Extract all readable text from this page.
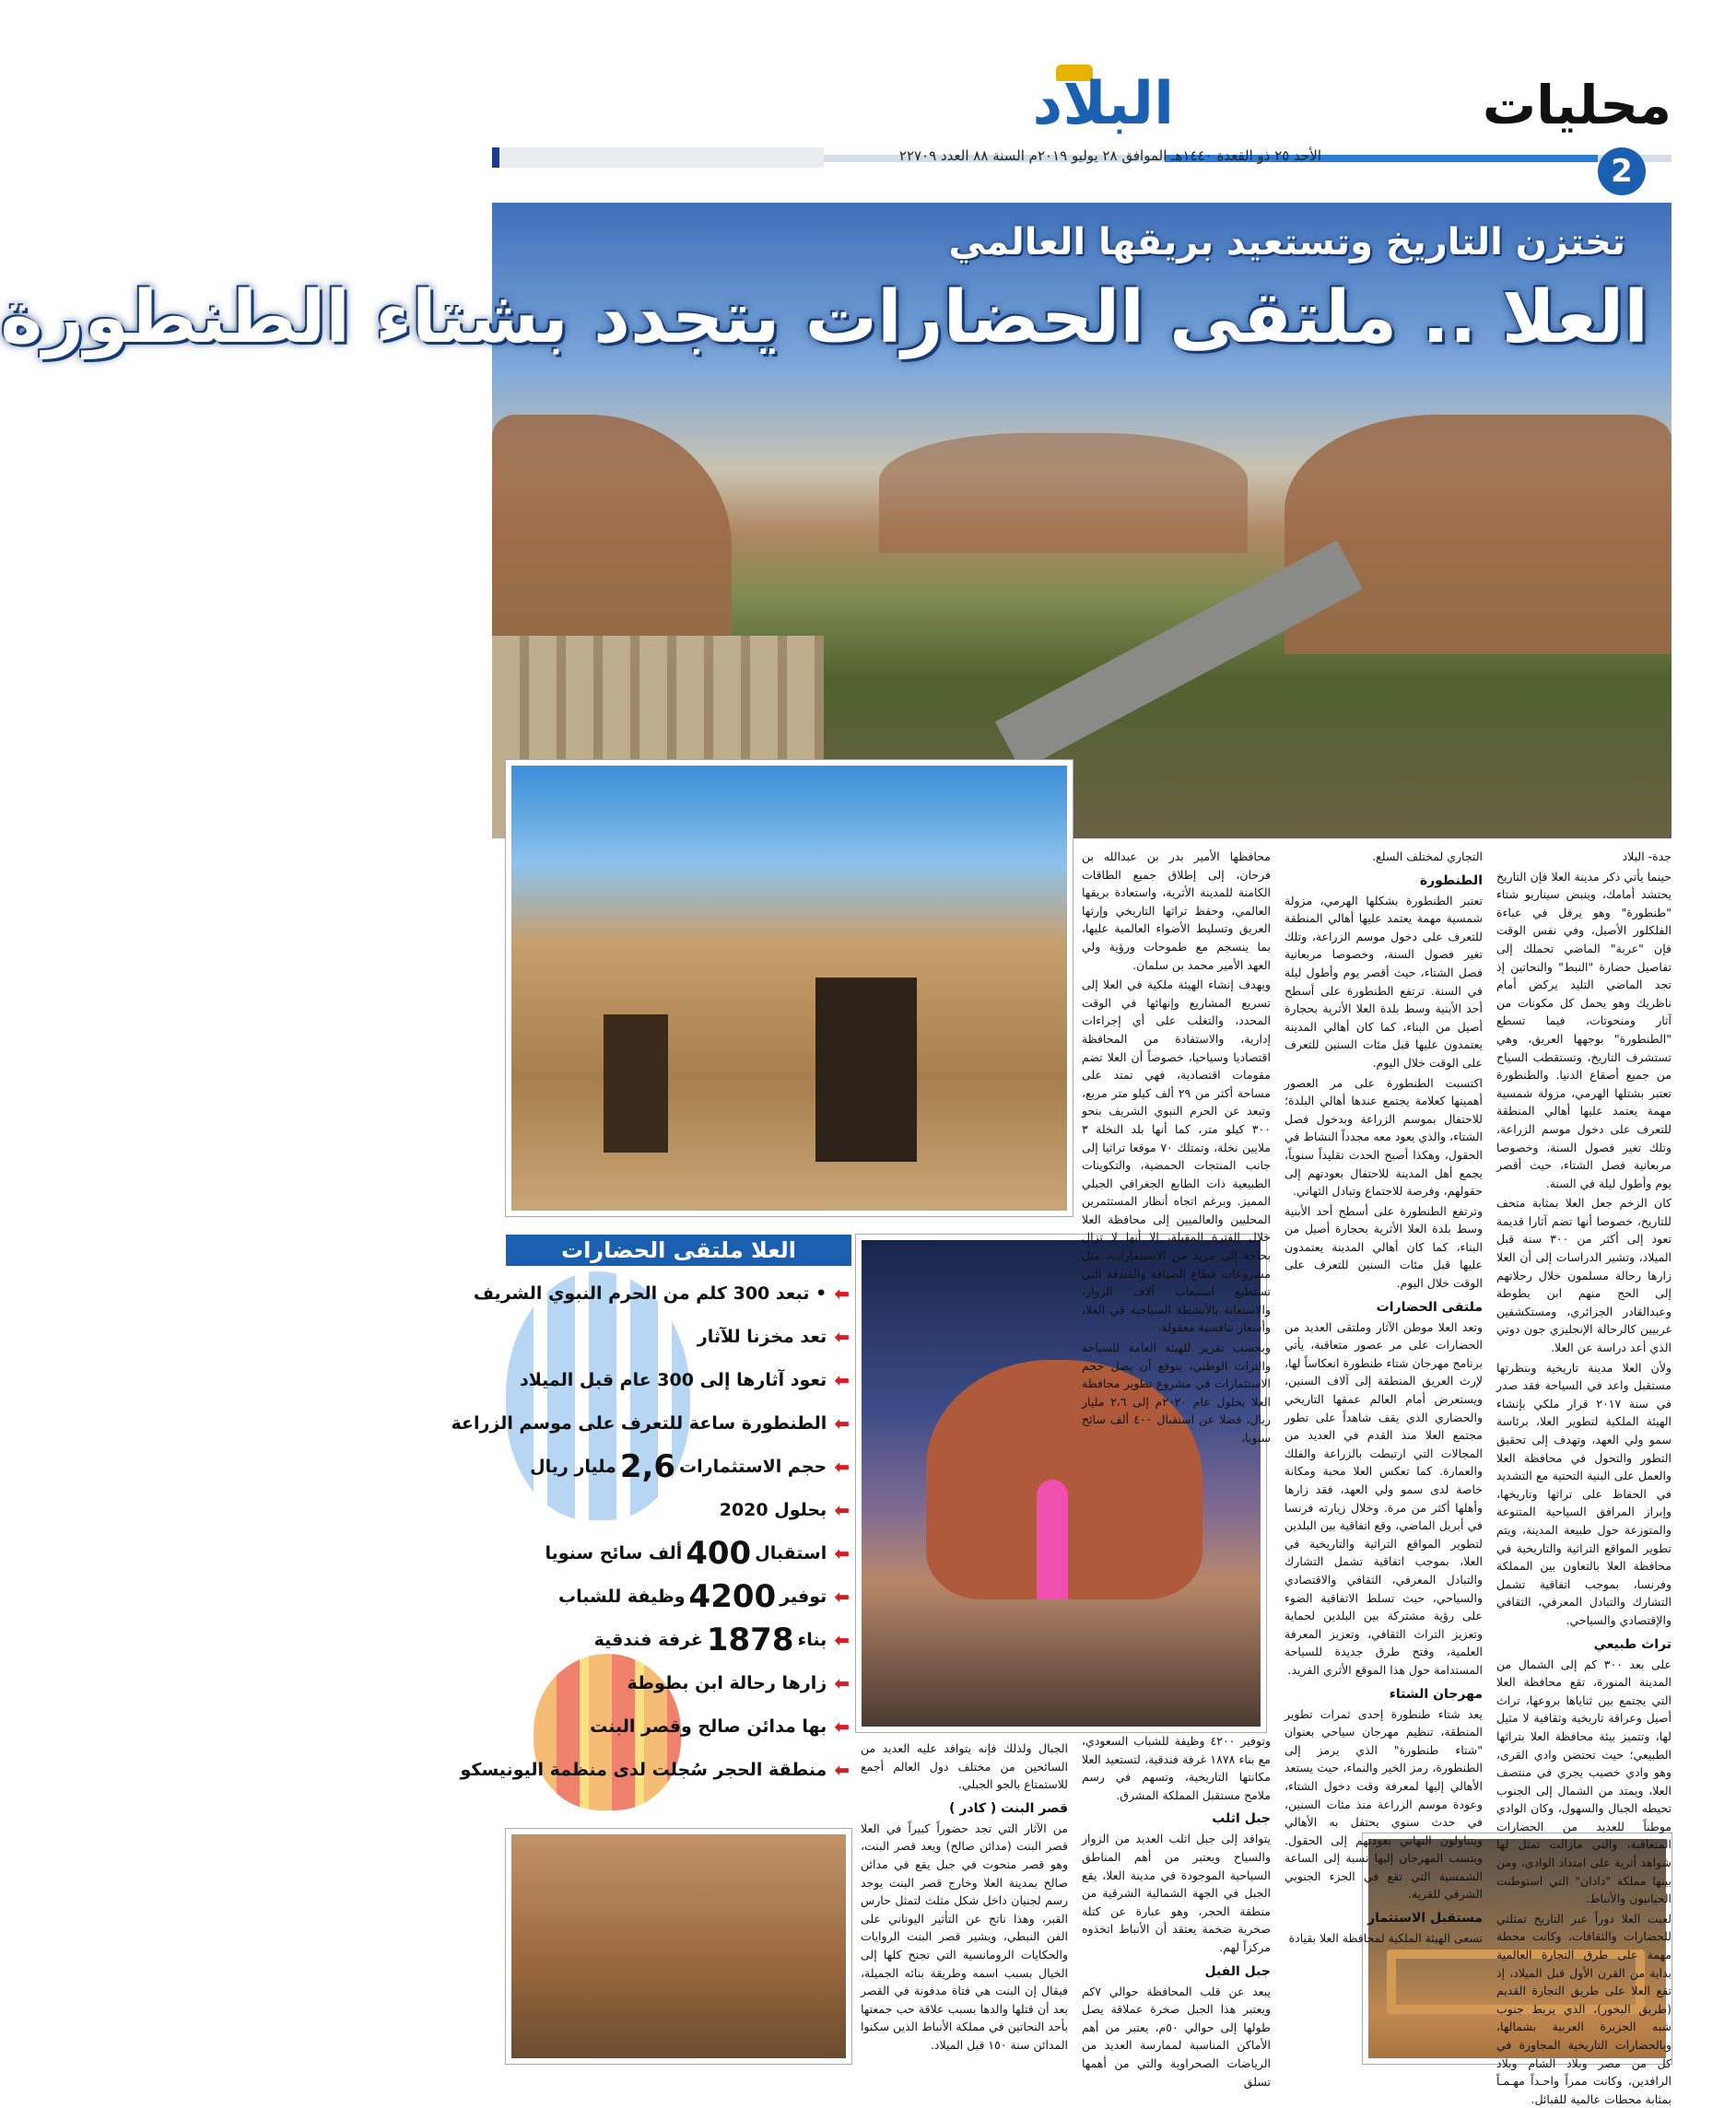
الأحد ٢٥ ذو القعدة ١٤٤٠هـ الموافق ٢٨ يوليو ٢٠١٩م السنة ٨٨ العدد ٢٢٧٠٩
البلاد	محليات
2
تختزن التاريخ وتستعيد بريقها العالمي
العلا .. ملتقى الحضارات يتجدد بشتاء الطنطورة
العلا ملتقى الحضارات
⬅
• تبعد 300 كلم من الحرم النبوي الشريف
⬅
تعد مخزنا للآثار
⬅
تعود آثارها إلى 300 عام قبل الميلاد
⬅
الطنطورة ساعة للتعرف على موسم الزراعة
⬅
حجم الاستثمارات
2,6
مليار ريال
⬅
بحلول 2020
⬅
استقبال
400
ألف سائح سنويا
⬅
توفير
4200
وظيفة للشباب
⬅
بناء
1878
غرفة فندقية
⬅
زارها رحالة ابن بطوطة
⬅
بها مدائن صالح وقصر البنت
⬅
منطقة الحجر سُجلت لدى منظمة اليونيسكو

جدة- البلاد

حينما يأتي ذكر مدينة العلا فإن التاريخ يحتشد أمامك، وينبض سيناريو شتاء "طنطورة" وهو يرفل في عباءة الفلكلور الأصيل، وفي نفس الوقت فإن "عربة" الماضي تحملك إلى تفاصيل حضارة "النبط" والنحاتين إذ تجد الماضي التليد يركض أمام ناظريك وهو يحمل كل مكونات من آثار ومنحوتات، فيما تسطع "الطنطورة" بوجهها العريق، وهي تستشرف التاريخ، وتستقطب السياح من جميع أصقاع الدنيا. والطنطورة تعتبر بشتلها الهرمي، مزولة شمسية مهمة يعتمد عليها أهالي المنطقة للتعرف على دخول موسم الزراعة، وتلك تغير فصول السنة، وخصوصا مربعانية فصل الشتاء، حيث أقصر يوم وأطول ليلة في السنة.

كان الزخم جعل العلا بمثابة متحف للتاريخ، خصوصا أنها تضم آثارا قديمة تعود إلى أكثر من ٣٠٠ سنة قبل الميلاد، وتشير الدراسات إلى أن العلا زارها رحالة مسلمون خلال رحلاتهم إلى الحج منهم ابن بطوطة وعبدالقادر الجزائري، ومستكشفين غربيين كالرحالة الإنجليزي جون دوتي الذي أعد دراسة عن العلا.

ولأن العلا مدينة تاريخية وبنظرتها مستقبل واعد في السياحة فقد صدر في سنة ٢٠١٧ قرار ملكي بإنشاء الهيئة الملكية لتطوير العلا، برئاسة سمو ولي العهد، وتهدف إلى تحقيق التطور والتحول في محافظة العلا والعمل على البنية التحتية مع التشديد في الحفاظ على تراثها وتاريخها، وإبراز المرافق السياحية المتنوعة والمتوزعة حول طبيعة المدينة، ويتم تطوير المواقع التراثية والتاريخية في محافظة العلا بالتعاون بين المملكة وفرنسا، بموجب اتفاقية تشمل التشارك والتبادل المعرفي، الثقافي والإقتصادي والسياحي.

تراث طبيعي

على بعد ٣٠٠ كم إلى الشمال من المدينة المنورة، تقع محافظة العلا التي يجتمع بين ثناياها بروعها، تراث أصيل وعراقة تاريخية وثقافية لا مثيل لها، وتتميز بيئة محافظة العلا بتراثها الطبيعي؛ حيث تحتضن وادي القرى، وهو وادي خصيب يجري في منتصف العلا، ويمتد من الشمال إلى الجنوب تحيطه الجبال والسهول، وكان الوادي موطناً للعديد من الحضارات المتعاقبة، والتي مازالت تمثل لها شواهد أثرية على امتداد الوادي، ومن بينها مملكة "دادان" التي استوطنت الحيانيون والأنباط.

لعبت العلا دوراً عبر التاريخ تمثلتي للحضارات والثقافات، وكانت محطة مهمة على طرق التجارة العالمية بداية من القرن الأول قبل الميلاد، إذ تقع العلا على طريق التجارة القديم (طريق البخور)، الذي يربط جنوب شبه الجزيرة العربية بشمالها، وبالحضارات التاريخية المجاورة في كل من مصر وبلاد الشام وبلاد الرافدين، وكانت ممراً واحـداً مهـمـاً بمثابة محطات عالمية للقبائل.

التجاري لمختلف السلع.

الطنطورة

تعتبر الطنطورة بشكلها الهرمي، مزولة شمسية مهمة يعتمد عليها أهالي المنطقة للتعرف على دخول موسم الزراعة، وتلك تغير فصول السنة، وخصوصا مربعانية فصل الشتاء، حيث أقصر يوم وأطول ليلة في السنة. ترتفع الطنطورة على أسطح أحد الأبنية وسط بلدة العلا الأثرية بحجارة أصيل من البناء، كما كان أهالي المدينة يعتمدون عليها قبل مئات السنين للتعرف على الوقت خلال اليوم.

اكتسبت الطنطورة على مر العصور أهميتها كعلامة يجتمع عندها أهالي البلدة؛ للاحتفال بموسم الزراعة وبدخول فصل الشتاء، والذي يعود معه مجدداً النشاط في الحقول، وهكذا أصبح الحدث تقليداً سنوياً، يجمع أهل المدينة للاحتفال بعودتهم إلى حقولهم، وفرصة للاجتماع وتبادل الثهاني.

وترتفع الطنطورة على أسطح أحد الأبنية وسط بلدة العلا الأثرية بحجارة أصيل من البناء، كما كان أهالي المدينة يعتمدون عليها قبل مئات السنين للتعرف على الوقت خلال اليوم.

ملتقى الحضارات

وتعد العلا موطن الآثار وملتقى العديد من الحضارات على مر عصور متعاقبة، يأتي برنامج مهرجان شتاء طنطورة انعكاساً لها، لإرث العريق المنطقة إلى آلاف السنين، ويستعرض أمام العالم عمقها التاريخي والحضاري الذي يقف شاهداً على تطور مجتمع العلا منذ القدم في العديد من المجالات التي ارتبطت بالزراعة والفلك والعمارة. كما تعكس العلا محبة ومكانة خاصة لدى سمو ولي العهد، فقد زارها وأهلها أكثر من مرة. وخلال زيارته فرنسا في أبريل الماضي، وقع اتفاقية بين البلدين لتطوير المواقع التراثية والتاريخية في العلا، بموجب اتفاقية تشمل التشارك والتبادل المعرفي، الثقافي والاقتصادي والسياحي، حيث تسلط الاتفاقية الضوء على رؤية مشتركة بين البلدين لحماية وتعزيز التراث الثقافي، وتعزيز المعرفة العلمية، وفتح طرق جديدة للسياحة المستدامة حول هذا الموقع الأثري الفريد.

مهرجان الشتاء

يعد شتاء طنطورة إحدى ثمرات تطوير المنطقة، تنظيم مهرجان سياحي بعنوان "شتاء طنطورة" الذي يرمز إلى الطنطورة، رمز الخير والنماء، حيث يستعد الأهالي إليها لمعرفة وقت دخول الشتاء، وعودة موسم الزراعة منذ مئات السنين، في حدث سنوي يحتفل به الأهالي ويتناولون التهاني بعودتهم إلى الحقول. ويتسب المهرجان إليها نسبة إلى الساعة الشمسية التي تقع في الجزء الجنوبي الشرقي للقرية.

مستقبل الاستثمار

تسعى الهيئة الملكية لمحافظة العلا بقيادة

محافظها الأمير بدر بن عبدالله بن فرحان، إلى إطلاق جميع الطاقات الكامنة للمدينة الأثرية، واستعادة بريقها العالمي، وحفظ تراثها التاريخي وإرثها العريق وتسليط الأضواء العالمية عليها، بما ينسجم مع طموحات ورؤية ولي العهد الأمير محمد بن سلمان.

ويهدف إنشاء الهيئة ملكية في العلا إلى تسريع المشاريع وإنهائها في الوقت المحدد، والتغلب على أي إجراءات إدارية، والاستفادة من المحافظة اقتصاديا وسياحيا، خصوصاً أن العلا تضم مقومات اقتصادية، فهي تمتد على مساحة أكثر من ٢٩ ألف كيلو متر مربع، وتبعد عن الحرم النبوي الشريف بنحو ٣٠٠ كيلو متر، كما أنها بلد النخلة ٣ ملايين نخلة، وتمتلك ٧٠ موقعا تراثيا إلى جانب المنتجات الحمضية، والتكوينات الطبيعية ذات الطابع الجغرافي الجبلي المميز. وبرغم اتجاه أنظار المستثمرين المحليين والعالميين إلى محافظة العلا خلال الفترة المقبلة، إلا أنها لا تزال بحاجة إلى مزيد من الاستثمارات، مثل مشروعات قطاع الضيافة والفندقة التي تستطيع استيعاب آلاف الزوار، والاستعانة بالأنشطة السياحية في العلا، وأسعار تنافسية معقولة.

وبحسب تقرير للهيئة العامة للسياحة والتراث الوطني، يتوقع أن يصل حجم الاستثمارات في مشروع تطوير محافظة العلا بحلول عام ٢٠٢٠م إلى ٢،٦ مليار ريال، فضلا عن استقبال ٤٠٠ ألف سائح سنويا،

وتوفير ٤٢٠٠ وظيفة للشباب السعودي، مع بناء ١٨٧٨ غرفة فندقية، لتستعيد العلا مكانتها التاريخية، وتسهم في رسم ملامح مستقبل المملكة المشرق.

جبل اثلب

يتوافد إلى جبل اثلب العديد من الزوار والسياح ويعتبر من أهم المناطق السياحية الموجودة في مدينة العلا، يقع الجبل في الجهة الشمالية الشرقية من منطقة الحجر، وهو عبارة عن كتلة صخرية ضخمة يعتقد أن الأنباط اتخذوه مركزاً لهم.

جبل الفيل

يبعد عن قلب المحافظة حوالي ٧كم ويعتبر هذا الجبل صخرة عملاقة يصل طولها إلى حوالي ٥٠م، يعتبر من أهم الأماكن المناسبة لممارسة العديد من الرياضات الصحراوية والتي من أهمها تسلق

الجبال ولذلك فإنه يتوافد عليه العديد من السائحين من مختلف دول العالم أجمع للاستمتاع بالجو الجبلي.

قصر البنت ( كادر )

من الآثار التي تجد حضوراً كبيراً في العلا قصر البنت (مدائن صالح) ويعد قصر البنت، وهو قصر منحوت في جبل يقع في مدائن صالح بمدينة العلا وخارج قصر البنت يوجد رسم لجنيان داخل شكل مثلث لتمثل حارس القبر، وهذا ناتج عن التأثير اليوناني على الفن النبطي، ويشير قصر البنت الروايات والحكايات الرومانسية التي تجنح كلها إلى الخيال بسبب اسمه وطريقة بنائه الجميلة، فيقال إن البنت هي فتاة مدفونة في القصر بعد أن قتلها والدها بسبب علاقة حب جمعتها بأحد النحاتين في مملكة الأنباط الذين سكنوا المدائن سنة ١٥٠ قبل الميلاد.
